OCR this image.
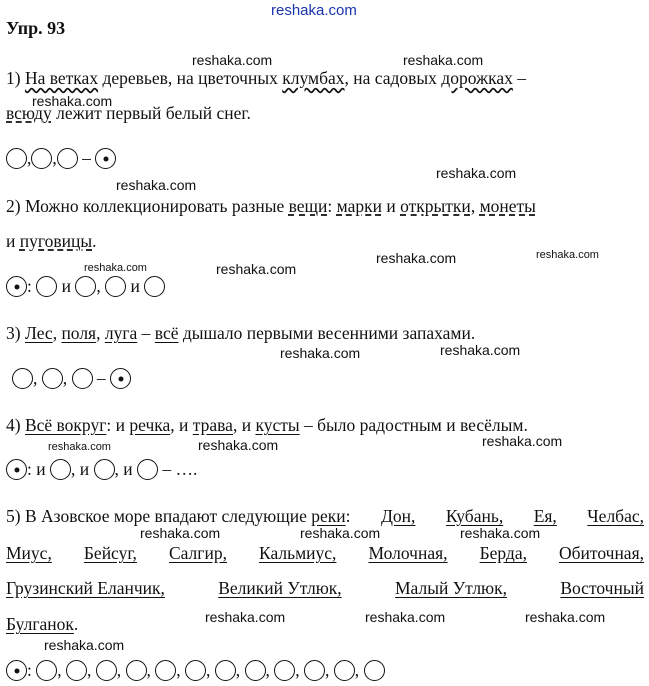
reshaka.com
reshaka.com	reshaka.com
reshaka.com
reshaka.com
reshaka.com
reshaka.com	reshaka.com
reshaka.com	reshaka.com
reshaka.com	reshaka.com
reshaka.com	reshaka.com	reshaka.com
reshaka.com	reshaka.com	reshaka.com
reshaka.com	reshaka.com	reshaka.com
reshaka.com
Упр. 93
1) На ветках деревьев, на цветочных клумбах, на садовых дорожках –
всюду лежит первый белый снег.
, , –
2) Можно коллекционировать разные вещи: марки и открытки, монеты
и пуговицы.
: и , и
3) Лес, поля, луга – всё дышало первыми весенними запахами.
, , –
4) Всё вокруг: и речка, и трава, и кусты – было радостным и весёлым.
: и , и , и – ….
5) В Азовское море впадают следующие реки: Дон, Кубань, Ея, Челбас,
Миус, Бейсуг, Салгир, Кальмиус, Молочная, Берда, Обиточная,
Грузинский Еланчик,	Великий Утлюк,	Малый Утлюк,	Восточный
Булганок.
: , , , , , , , , , , ,
